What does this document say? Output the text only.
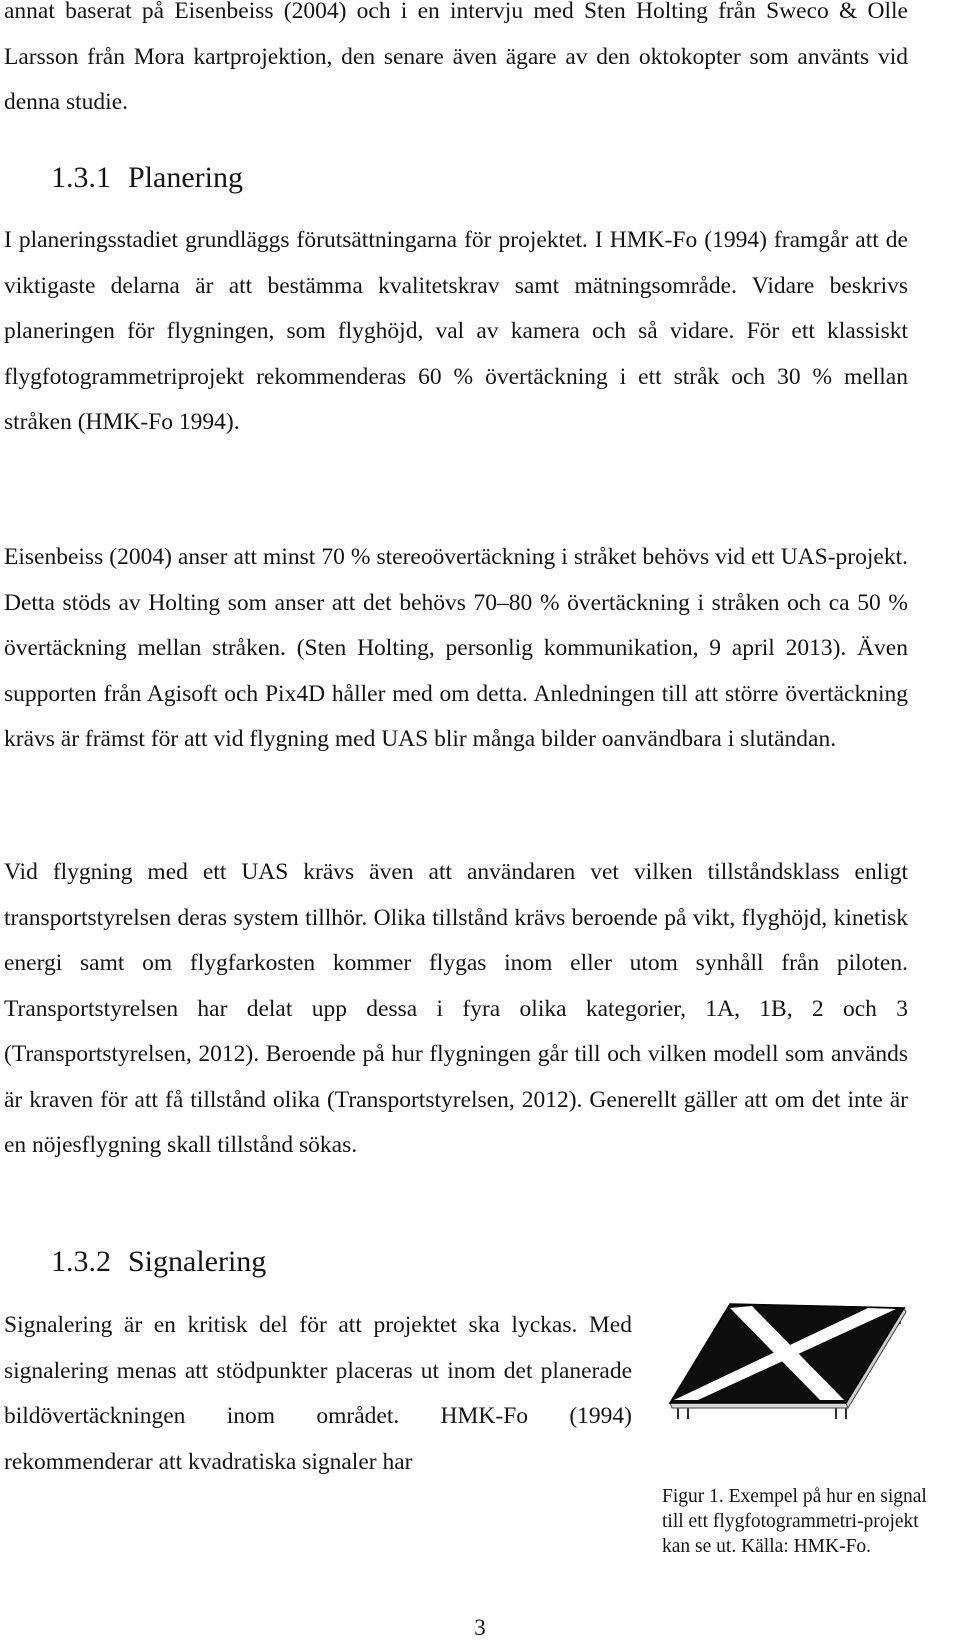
annat baserat på Eisenbeiss (2004) och i en intervju med Sten Holting från Sweco & Olle Larsson från Mora kartprojektion, den senare även ägare av den oktokopter som använts vid denna studie.

1.3.1 Planering

I planeringsstadiet grundläggs förutsättningarna för projektet. I HMK-Fo (1994) framgår att de viktigaste delarna är att bestämma kvalitetskrav samt mätningsområde. Vidare beskrivs planeringen för flygningen, som flyghöjd, val av kamera och så vidare. För ett klassiskt flygfotogrammetriprojekt rekommenderas 60 % övertäckning i ett stråk och 30 % mellan stråken (HMK-Fo 1994).

Eisenbeiss (2004) anser att minst 70 % stereoövertäckning i stråket behövs vid ett UAS-projekt. Detta stöds av Holting som anser att det behövs 70–80 % övertäckning i stråken och ca 50 % övertäckning mellan stråken. (Sten Holting, personlig kommunikation, 9 april 2013). Även supporten från Agisoft och Pix4D håller med om detta. Anledningen till att större övertäckning krävs är främst för att vid flygning med UAS blir många bilder oanvändbara i slutändan.

Vid flygning med ett UAS krävs även att användaren vet vilken tillståndsklass enligt transportstyrelsen deras system tillhör. Olika tillstånd krävs beroende på vikt, flyghöjd, kinetisk energi samt om flygfarkosten kommer flygas inom eller utom synhåll från piloten. Transportstyrelsen har delat upp dessa i fyra olika kategorier, 1A, 1B, 2 och 3 (Transportstyrelsen, 2012). Beroende på hur flygningen går till och vilken modell som används är kraven för att få tillstånd olika (Transportstyrelsen, 2012). Generellt gäller att om det inte är en nöjesflygning skall tillstånd sökas.

1.3.2 Signalering

Signalering är en kritisk del för att projektet ska lyckas. Med signalering menas att stödpunkter placeras ut inom det planerade bildövertäckningen inom området. HMK-Fo (1994) rekommenderar att kvadratiska signaler har

Figur 1. Exempel på hur en signal till ett flygfotogrammetri-projekt kan se ut. Källa: HMK-Fo.
3
